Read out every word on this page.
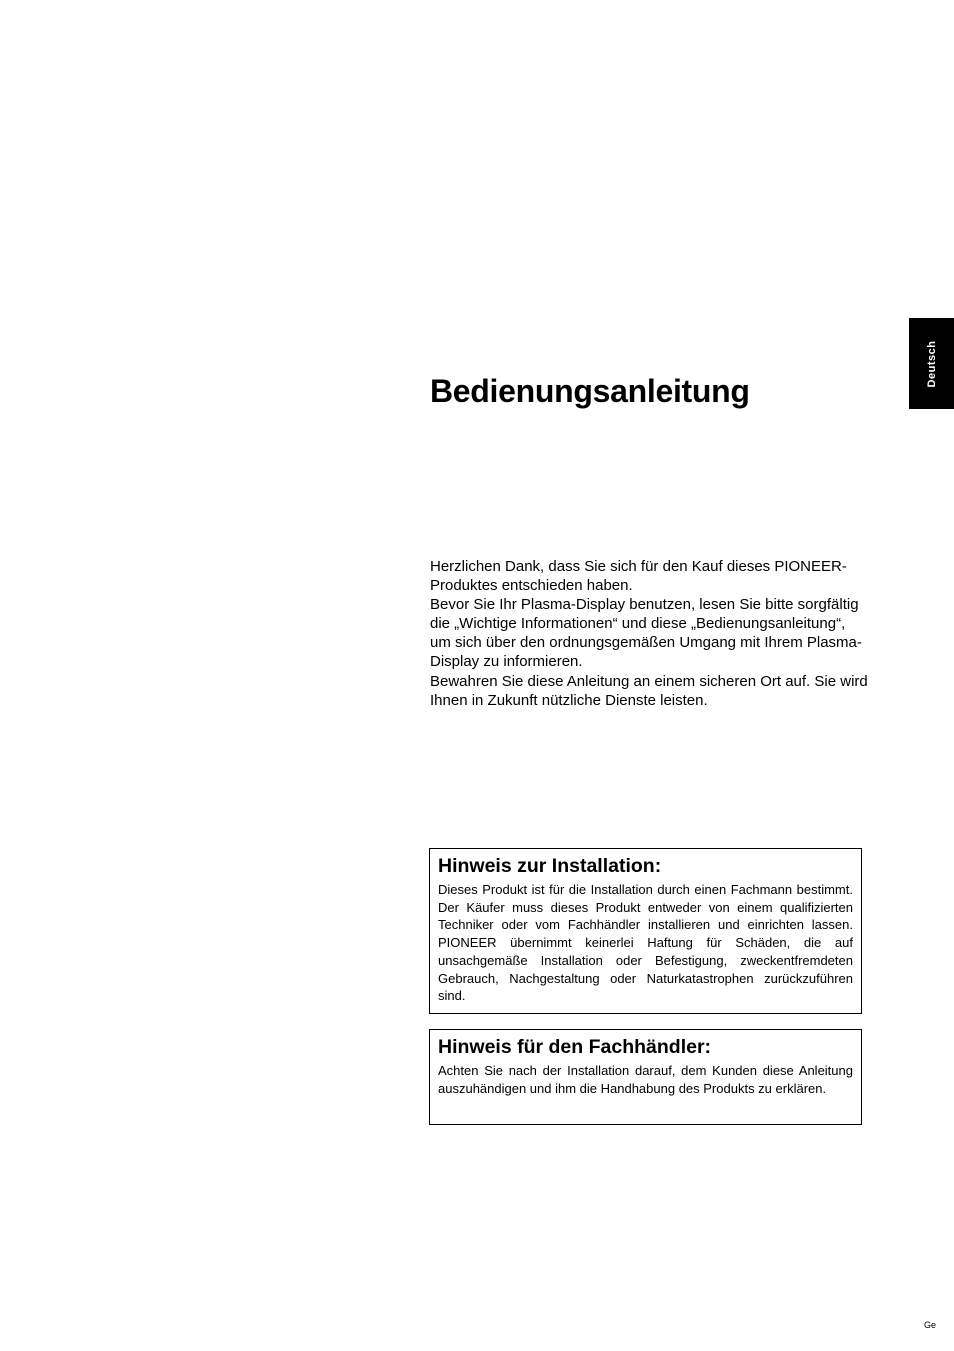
Deutsch
Bedienungsanleitung

Herzlichen Dank, dass Sie sich für den Kauf dieses PIONEER-Produktes entschieden haben.

Bevor Sie Ihr Plasma-Display benutzen, lesen Sie bitte sorgfältig die „Wichtige Informationen“ und diese „Bedienungsanleitung“, um sich über den ordnungsgemäßen Umgang mit Ihrem Plasma-Display zu informieren.

Bewahren Sie diese Anleitung an einem sicheren Ort auf. Sie wird Ihnen in Zukunft nützliche Dienste leisten.

Hinweis zur Installation:

Dieses Produkt ist für die Installation durch einen Fachmann bestimmt. Der Käufer muss dieses Produkt entweder von einem qualifizierten Techniker oder vom Fachhändler installieren und einrichten lassen. PIONEER übernimmt keinerlei Haftung für Schäden, die auf unsachgemäße Installation oder Befestigung, zweckentfremdeten Gebrauch, Nachgestaltung oder Naturkatastrophen zurückzuführen sind.

Hinweis für den Fachhändler:

Achten Sie nach der Installation darauf, dem Kunden diese Anleitung auszuhändigen und ihm die Handhabung des Produkts zu erklären.

Ge
